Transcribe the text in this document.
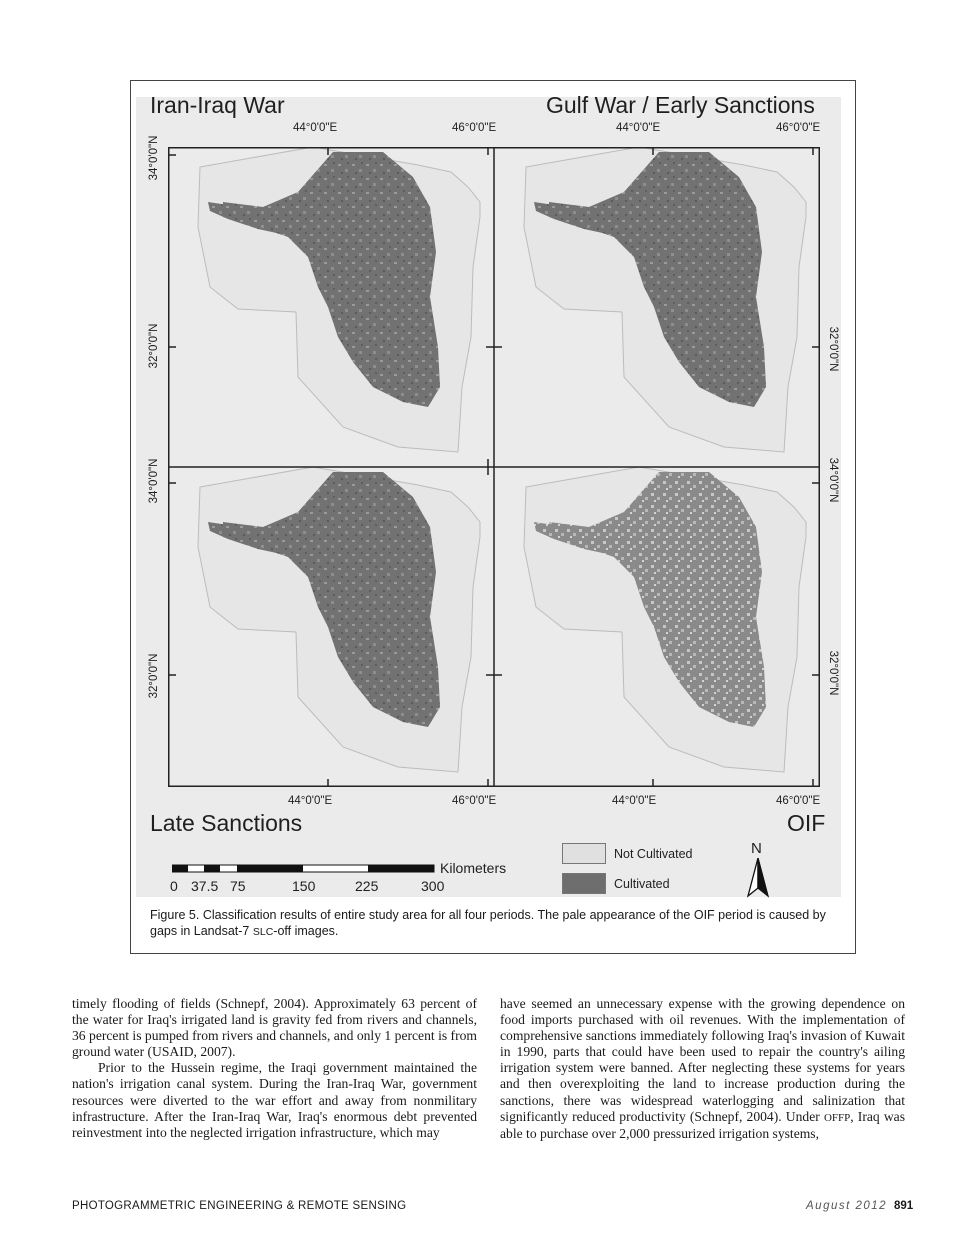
Iran-Iraq War	Gulf War / Early Sanctions
Late Sanctions	OIF
44°0'0"E	46°0'0"E	44°0'0"E	46°0'0"E
44°0'0"E	46°0'0"E	44°0'0"E	46°0'0"E
34°0'0"N
32°0'0"N
34°0'0"N
32°0'0"N
32°0'0"N
34°0'0"N
32°0'0"N
Kilometers
0 37.5 75	150	225	300
Not Cultivated
Cultivated
N
Figure 5. Classification results of entire study area for all four periods. The pale appearance of the OIF period is caused by gaps in Landsat-7 SLC-off images.

timely flooding of fields (Schnepf, 2004). Approximately 63 percent of the water for Iraq's irrigated land is gravity fed from rivers and channels, 36 percent is pumped from rivers and channels, and only 1 percent is from ground water (USAID, 2007).

Prior to the Hussein regime, the Iraqi government maintained the nation's irrigation canal system. During the Iran-Iraq War, government resources were diverted to the war effort and away from nonmilitary infrastructure. After the Iran-Iraq War, Iraq's enormous debt prevented reinvestment into the neglected irrigation infrastructure, which may

have seemed an unnecessary expense with the growing dependence on food imports purchased with oil revenues. With the implementation of comprehensive sanctions immediately following Iraq's invasion of Kuwait in 1990, parts that could have been used to repair the country's ailing irrigation system were banned. After neglecting these systems for years and then overexploiting the land to increase production during the sanctions, there was widespread waterlogging and salinization that significantly reduced productivity (Schnepf, 2004). Under OFFP, Iraq was able to purchase over 2,000 pressurized irrigation systems,

PHOTOGRAMMETRIC ENGINEERING & REMOTE SENSING	August 2012 891
